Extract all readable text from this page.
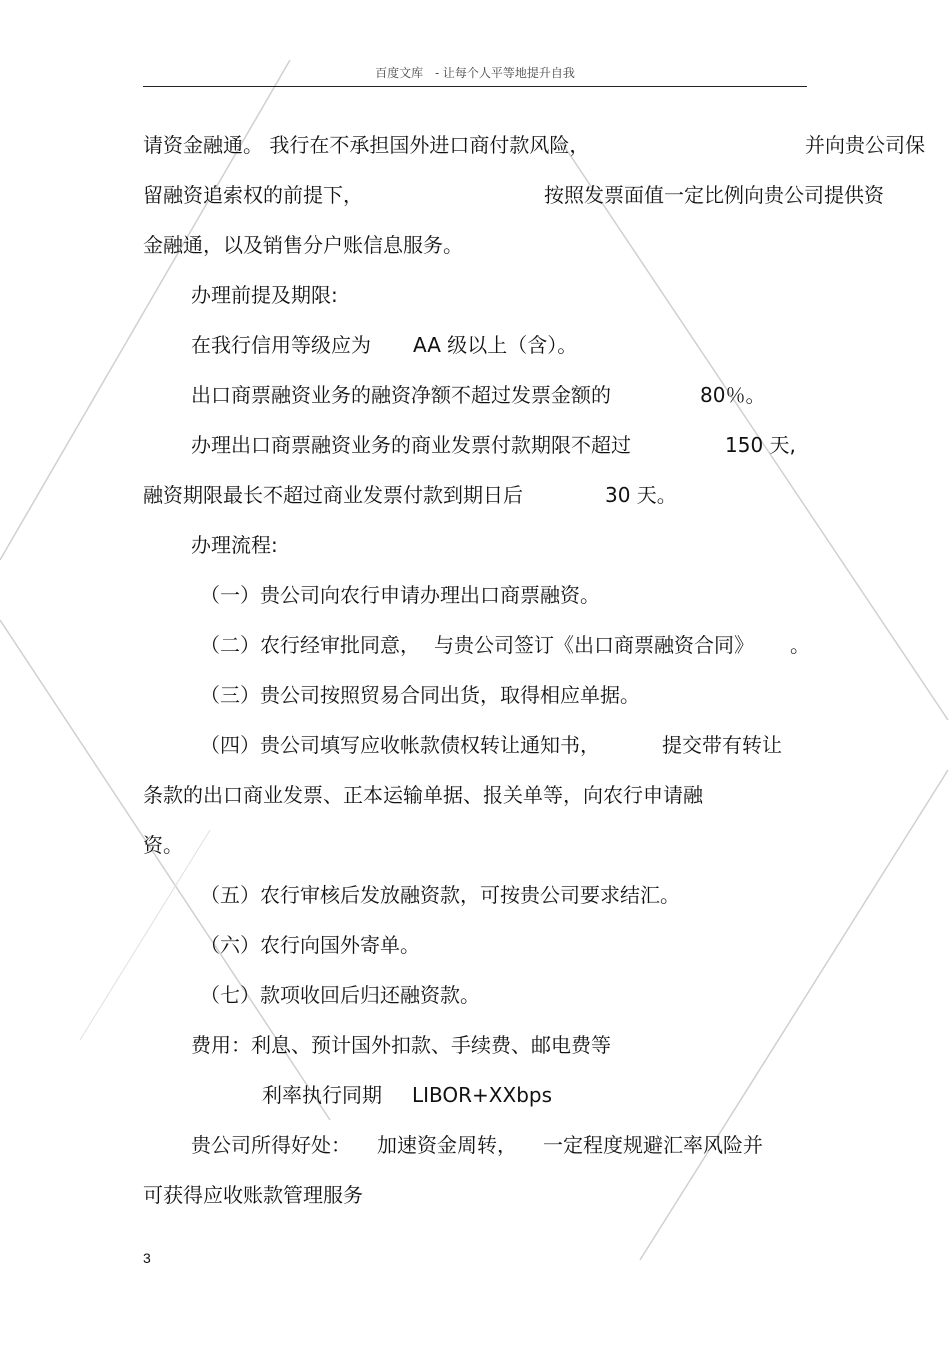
百度文库　- 让每个人平等地提升自我
请资金融通。 我行在不承担国外进口商付款风险，	并向贵公司保
留融资追索权的前提下，	按照发票面值一定比例向贵公司提供资
金融通，以及销售分户账信息服务。
办理前提及期限:
在我行信用等级应为 AA 级以上（含）。
出口商票融资业务的融资净额不超过发票金额的	80％。
办理出口商票融资业务的商业发票付款期限不超过	150 天,
融资期限最长不超过商业发票付款到期日后	30 天。
办理流程:
（一）贵公司向农行申请办理出口商票融资。
（二）农行经审批同意， 与贵公司签订《出口商票融资合同》 。
（三）贵公司按照贸易合同出货，取得相应单据。
（四）贵公司填写应收帐款债权转让通知书，	提交带有转让
条款的出口商业发票、正本运输单据、报关单等，向农行申请融
资。
（五）农行审核后发放融资款，可按贵公司要求结汇。
（六）农行向国外寄单。
（七）款项收回后归还融资款。
费用：利息、预计国外扣款、手续费、邮电费等
利率执行同期 LIBOR+XXbps
贵公司所得好处： 加速资金周转， 一定程度规避汇率风险并
可获得应收账款管理服务
3
